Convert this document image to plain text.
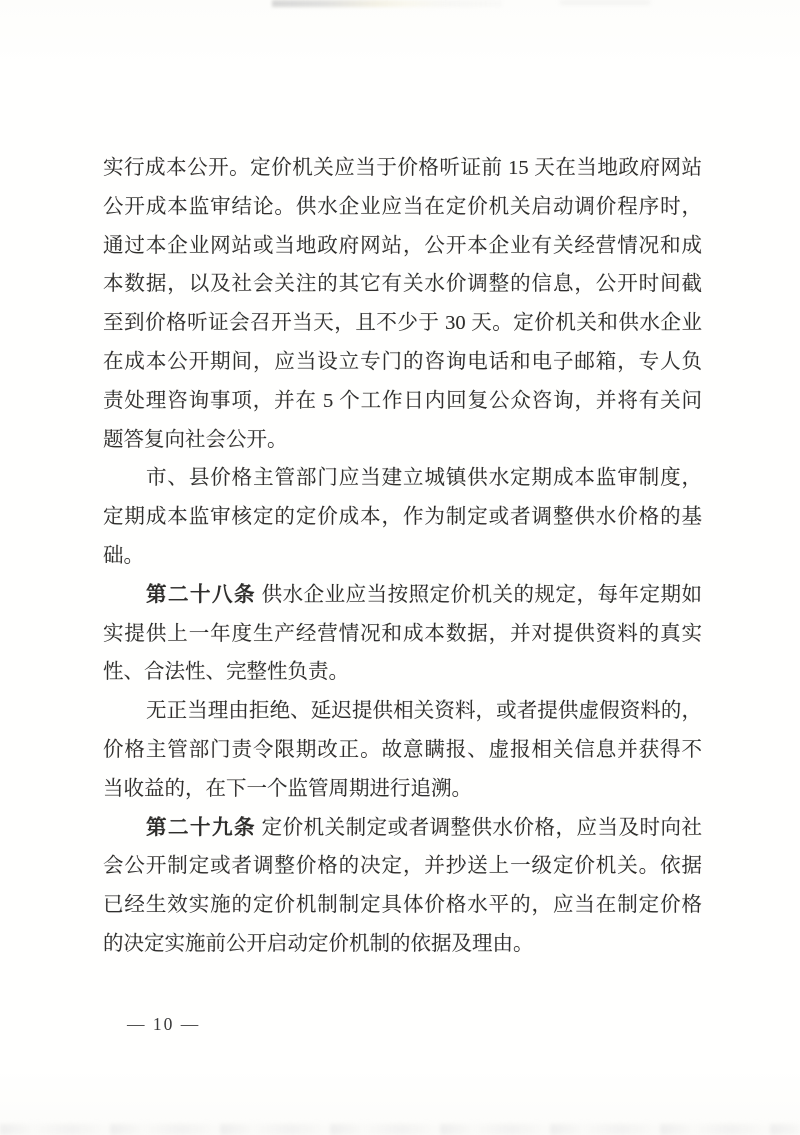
实行成本公开。定价机关应当于价格听证前 15 天在当地政府网站
公开成本监审结论。供水企业应当在定价机关启动调价程序时，
通过本企业网站或当地政府网站，公开本企业有关经营情况和成
本数据，以及社会关注的其它有关水价调整的信息，公开时间截
至到价格听证会召开当天，且不少于 30 天。定价机关和供水企业
在成本公开期间，应当设立专门的咨询电话和电子邮箱，专人负
责处理咨询事项，并在 5 个工作日内回复公众咨询，并将有关问
题答复向社会公开。
市、县价格主管部门应当建立城镇供水定期成本监审制度，
定期成本监审核定的定价成本，作为制定或者调整供水价格的基
础。
第二十八条 供水企业应当按照定价机关的规定，每年定期如
实提供上一年度生产经营情况和成本数据，并对提供资料的真实
性、合法性、完整性负责。
无正当理由拒绝、延迟提供相关资料，或者提供虚假资料的，
价格主管部门责令限期改正。故意瞒报、虚报相关信息并获得不
当收益的，在下一个监管周期进行追溯。
第二十九条 定价机关制定或者调整供水价格，应当及时向社
会公开制定或者调整价格的决定，并抄送上一级定价机关。依据
已经生效实施的定价机制制定具体价格水平的，应当在制定价格
的决定实施前公开启动定价机制的依据及理由。
— 10 —
